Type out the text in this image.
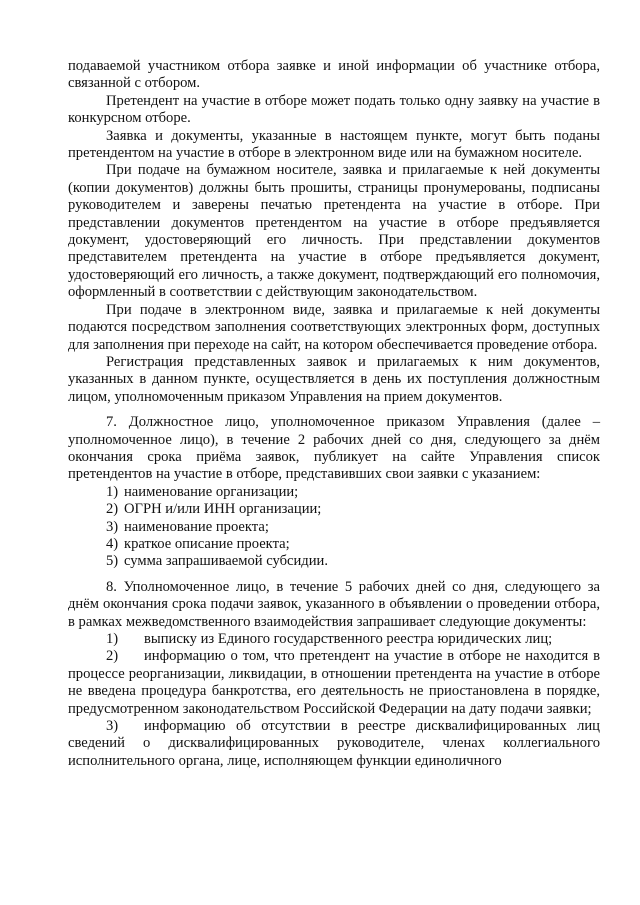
подаваемой участником отбора заявке и иной информации об участнике отбора, связанной с отбором.

Претендент на участие в отборе может подать только одну заявку на участие в конкурсном отборе.

Заявка и документы, указанные в настоящем пункте, могут быть поданы претендентом на участие в отборе в электронном виде или на бумажном носителе.

При подаче на бумажном носителе, заявка и прилагаемые к ней документы (копии документов) должны быть прошиты, страницы пронумерованы, подписаны руководителем и заверены печатью претендента на участие в отборе. При представлении документов претендентом на участие в отборе предъявляется документ, удостоверяющий его личность. При представлении документов представителем претендента на участие в отборе предъявляется документ, удостоверяющий его личность, а также документ, подтверждающий его полномочия, оформленный в соответствии с действующим законодательством.

При подаче в электронном виде, заявка и прилагаемые к ней документы подаются посредством заполнения соответствующих электронных форм, доступных для заполнения при переходе на сайт, на котором обеспечивается проведение отбора.

Регистрация представленных заявок и прилагаемых к ним документов, указанных в данном пункте, осуществляется в день их поступления должностным лицом, уполномоченным приказом Управления на прием документов.

7. Должностное лицо, уполномоченное приказом Управления (далее – уполномоченное лицо), в течение 2 рабочих дней со дня, следующего за днём окончания срока приёма заявок, публикует на сайте Управления список претендентов на участие в отборе, представивших свои заявки с указанием:

1) наименование организации;
2) ОГРН и/или ИНН организации;
3) наименование проекта;
4) краткое описание проекта;
5) сумма запрашиваемой субсидии.

8. Уполномоченное лицо, в течение 5 рабочих дней со дня, следующего за днём окончания срока подачи заявок, указанного в объявлении о проведении отбора, в рамках межведомственного взаимодействия запрашивает следующие документы:

1) выписку из Единого государственного реестра юридических лиц;
2) информацию о том, что претендент на участие в отборе не находится в процессе реорганизации, ликвидации, в отношении претендента на участие в отборе не введена процедура банкротства, его деятельность не приостановлена в порядке, предусмотренном законодательством Российской Федерации на дату подачи заявки;
3) информацию об отсутствии в реестре дисквалифицированных лиц сведений о дисквалифицированных руководителе, членах коллегиального исполнительного органа, лице, исполняющем функции единоличного
